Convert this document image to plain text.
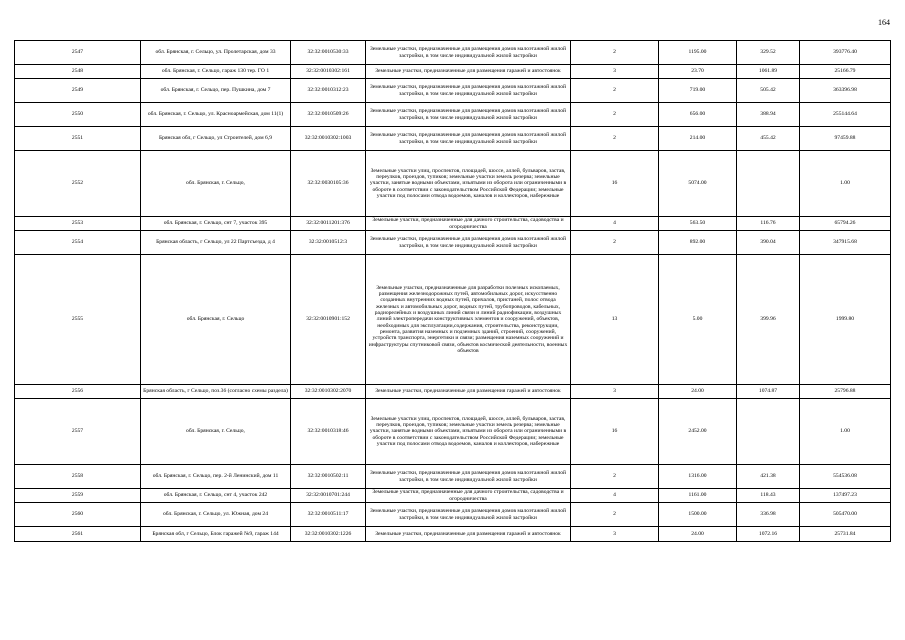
164
2547	обл. Брянская, г. Сельцо, ул. Пролетарская, дом 33	32:32:0010530:33	Земельные участки, предназначенные для размещения домов малоэтажной жилой застройки, в том числе индивидуальной жилой застройки	2	1195.00	329.52	393776.40
2548	обл. Брянская, г. Сельцо, гараж 130 тер. ГО 1	32:32:0010302:161	Земельные участки, предназначенные для размещения гаражей и автостоянок	3	23.70	1061.89	25166.79
2549	обл. Брянская, г. Сельцо, пер. Пушкина, дом 7	32:32:0010312:23	Земельные участки, предназначенные для размещения домов малоэтажной жилой застройки, в том числе индивидуальной жилой застройки	2	719.00	505.42	363396.98
2550	обл. Брянская, г. Сельцо, ул. Красноармейская, дом 11(1)	32:32:0010509:26	Земельные участки, предназначенные для размещения домов малоэтажной жилой застройки, в том числе индивидуальной жилой застройки	2	656.00	388.94	255144.64
2551	Брянская обл, г Сельцо, ул Строителей, дом 6,9	32:32:0010302:1003	Земельные участки, предназначенные для размещения домов малоэтажной жилой застройки, в том числе индивидуальной жилой застройки	2	214.00	455.42	97459.88
2552	обл. Брянская, г. Сельцо,	32:32:0030105:36	Земельные участки улиц, проспектов, площадей, шоссе, аллей, бульваров, застав, переулков, проездов, тупиков; земельные участки земель резерва; земельные участки, занятые водными объектами, изъятыми из оборота или ограниченными в обороте в соответствии с законодательством Российской Федерации; земельные участки под полосами отвода водоемов, каналов и коллекторов, набережные	16	5074.00		1.00
2553	обл. Брянская, г. Сельцо, снт 7, участок 395	32:32:0011201:376	Земельные участки, предназначенные для дачного строительства, садоводства и огородничества	4	563.50	116.76	65794.26
2554	Брянская область, г Сельцо, ул 22 Партсъезда, д 4	32:32:0010512:3	Земельные участки, предназначенные для размещения домов малоэтажной жилой застройки, в том числе индивидуальной жилой застройки	2	892.00	390.04	347915.68
2555	обл. Брянская, г. Сельцо	32:32:0010901:152	Земельные участки, предназначенные для разработки полезных ископаемых, размещения железнодорожных путей, автомобильных дорог, искусственно созданных внутренних водных путей, причалов, пристаней, полос отвода железных и автомобильных дорог, водных путей, трубопроводов, кабельных, радиорелейных и воздушных линий связи и линий радиофикации, воздушных линий электропередачи конструктивных элементов и сооружений, объектов, необходимых для эксплуатации,содержания, строительства, реконструкции, ремонта, развития наземных и подземных зданий, строений, сооружений, устройств транспорта, энергетики и связи; размещения наземных сооружений и инфраструктуры спутниковой связи, объектов космической деятельности, военных объектов	13	5.00	399.96	1999.80
2556	Брянская область, г Сельцо, поз.36 (согласно схемы раздела)	32:32:0010302:2070	Земельные участки, предназначенные для размещения гаражей и автостоянок	3	24.00	1074.87	25796.88
2557	обл. Брянская, г. Сельцо,	32:32:0010318:46	Земельные участки улиц, проспектов, площадей, шоссе, аллей, бульваров, застав, переулков, проездов, тупиков; земельные участки земель резерва; земельные участки, занятые водными объектами, изъятыми из оборота или ограниченными в обороте в соответствии с законодательством Российской Федерации; земельные участки под полосами отвода водоемов, каналов и коллекторов, набережные	16	2452.00		1.00
2558	обл. Брянская, г. Сельцо, пер. 2-й Ленинский, дом 11	32:32:0010502:11	Земельные участки, предназначенные для размещения домов малоэтажной жилой застройки, в том числе индивидуальной жилой застройки	2	1316.00	421.38	554536.08
2559	обл. Брянская, г. Сельцо, снт 4, участок 242	32:32:0010701:244	Земельные участки, предназначенные для дачного строительства, садоводства и огородничества	4	1161.00	118.43	137497.23
2560	обл. Брянская, г. Сельцо, ул. Южная, дом 24	32:32:0010511:17	Земельные участки, предназначенные для размещения домов малоэтажной жилой застройки, в том числе индивидуальной жилой застройки	2	1500.00	336.98	505470.00
2561	Брянская обл, г Сельцо, Блок гаражей №9, гараж 144	32:32:0010302:1226	Земельные участки, предназначенные для размещения гаражей и автостоянок	3	24.00	1072.16	25731.84
